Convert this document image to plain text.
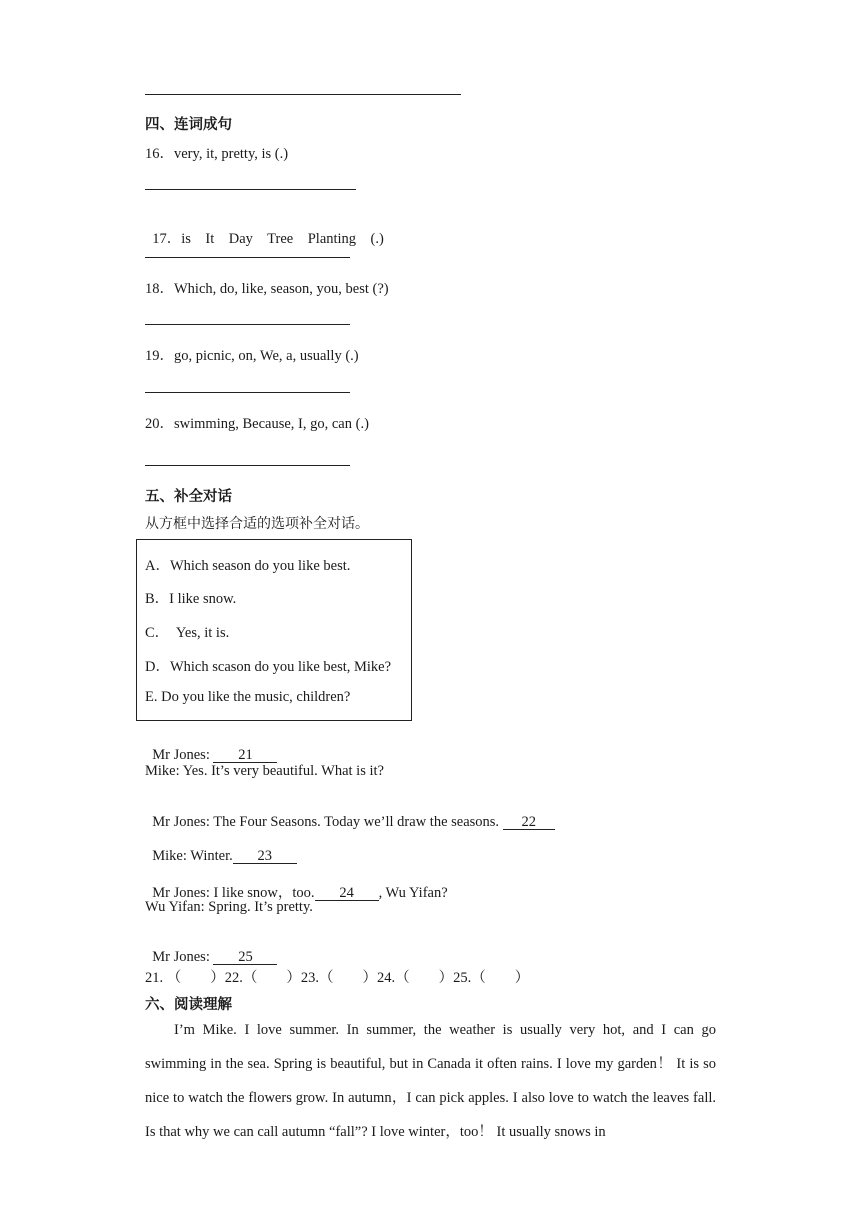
四、连词成句
16．very, it, pretty, is (.)

17．is    It    Day    Tree    Planting    (.)

18．Which, do, like, season, you, best (?)
19．go, picnic, on, We, a, usually (.)
20．swimming, Because, I, go, can (.)
五、补全对话
从方框中选择合适的选项补全对话。
A．Which season do you like best.
B．I like snow.
C．  Yes, it is.
D．Which scason do you like best, Mike?
E. Do you like the music, children?

Mr Jones: 21

Mike: Yes. It’s very beautiful. What is it?

Mr Jones: The Four Seasons. Today we’ll draw the seasons. 22

Mike: Winter. 23

Mr Jones: I like snow，too. 24 , Wu Yifan?

Wu Yifan: Spring. It’s pretty.

Mr Jones: 25

21. （        ）22.（        ）23.（        ）24.（        ）25.（        ）
六、阅读理解

I’m Mike. I love summer. In summer, the weather is usually very hot, and I can go swimming in the sea. Spring is beautiful, but in Canada it often rains. I love my garden！ It is so nice to watch the flowers grow. In autumn，I can pick apples. I also love to watch the leaves fall. Is that why we can call autumn “fall”? I love winter，too！ It usually snows in
